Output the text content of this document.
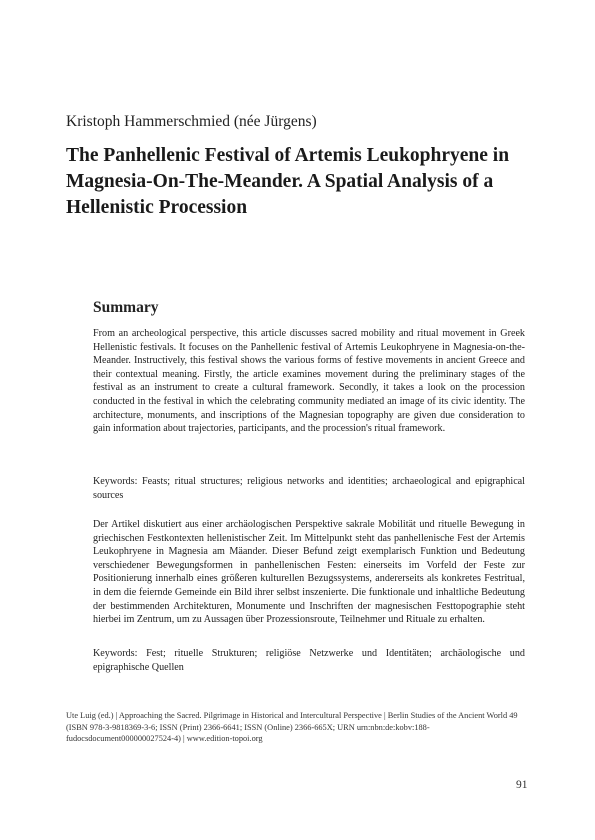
Kristoph Hammerschmied (née Jürgens)
The Panhellenic Festival of Artemis Leukophryene in Magnesia-On-The-Meander. A Spatial Analysis of a Hellenistic Procession
Summary

From an archeological perspective, this article discusses sacred mobility and ritual movement in Greek Hellenistic festivals. It focuses on the Panhellenic festival of Artemis Leukophryene in Magnesia-on-the-Meander. Instructively, this festival shows the various forms of festive movements in ancient Greece and their contextual meaning. Firstly, the article examines movement during the preliminary stages of the festival as an instrument to create a cultural framework. Secondly, it takes a look on the procession conducted in the festival in which the celebrating community mediated an image of its civic identity. The architecture, monuments, and inscriptions of the Magnesian topography are given due consideration to gain information about trajectories, participants, and the procession's ritual framework.

Keywords: Feasts; ritual structures; religious networks and identities; archaeological and epigraphical sources

Der Artikel diskutiert aus einer archäologischen Perspektive sakrale Mobilität und rituelle Bewegung in griechischen Festkontexten hellenistischer Zeit. Im Mittelpunkt steht das panhellenische Fest der Artemis Leukophryene in Magnesia am Mäander. Dieser Befund zeigt exemplarisch Funktion und Bedeutung verschiedener Bewegungsformen in panhellenischen Festen: einerseits im Vorfeld der Feste zur Positionierung innerhalb eines größeren kulturellen Bezugssystems, andererseits als konkretes Festritual, in dem die feiernde Gemeinde ein Bild ihrer selbst inszenierte. Die funktionale und inhaltliche Bedeutung der bestimmenden Architekturen, Monumente und Inschriften der magnesischen Festtopographie steht hierbei im Zentrum, um zu Aussagen über Prozessionsroute, Teilnehmer und Rituale zu erhalten.

Keywords: Fest; rituelle Strukturen; religiöse Netzwerke und Identitäten; archäologische und epigraphische Quellen

Ute Luig (ed.) | Approaching the Sacred. Pilgrimage in Historical and Intercultural Perspective | Berlin Studies of the Ancient World 49 (ISBN 978-3-9818369-3-6; ISSN (Print) 2366-6641; ISSN (Online) 2366-665X; URN urn:nbn:de:kobv:188-fudocsdocument000000027524-4) | www.edition-topoi.org
91
